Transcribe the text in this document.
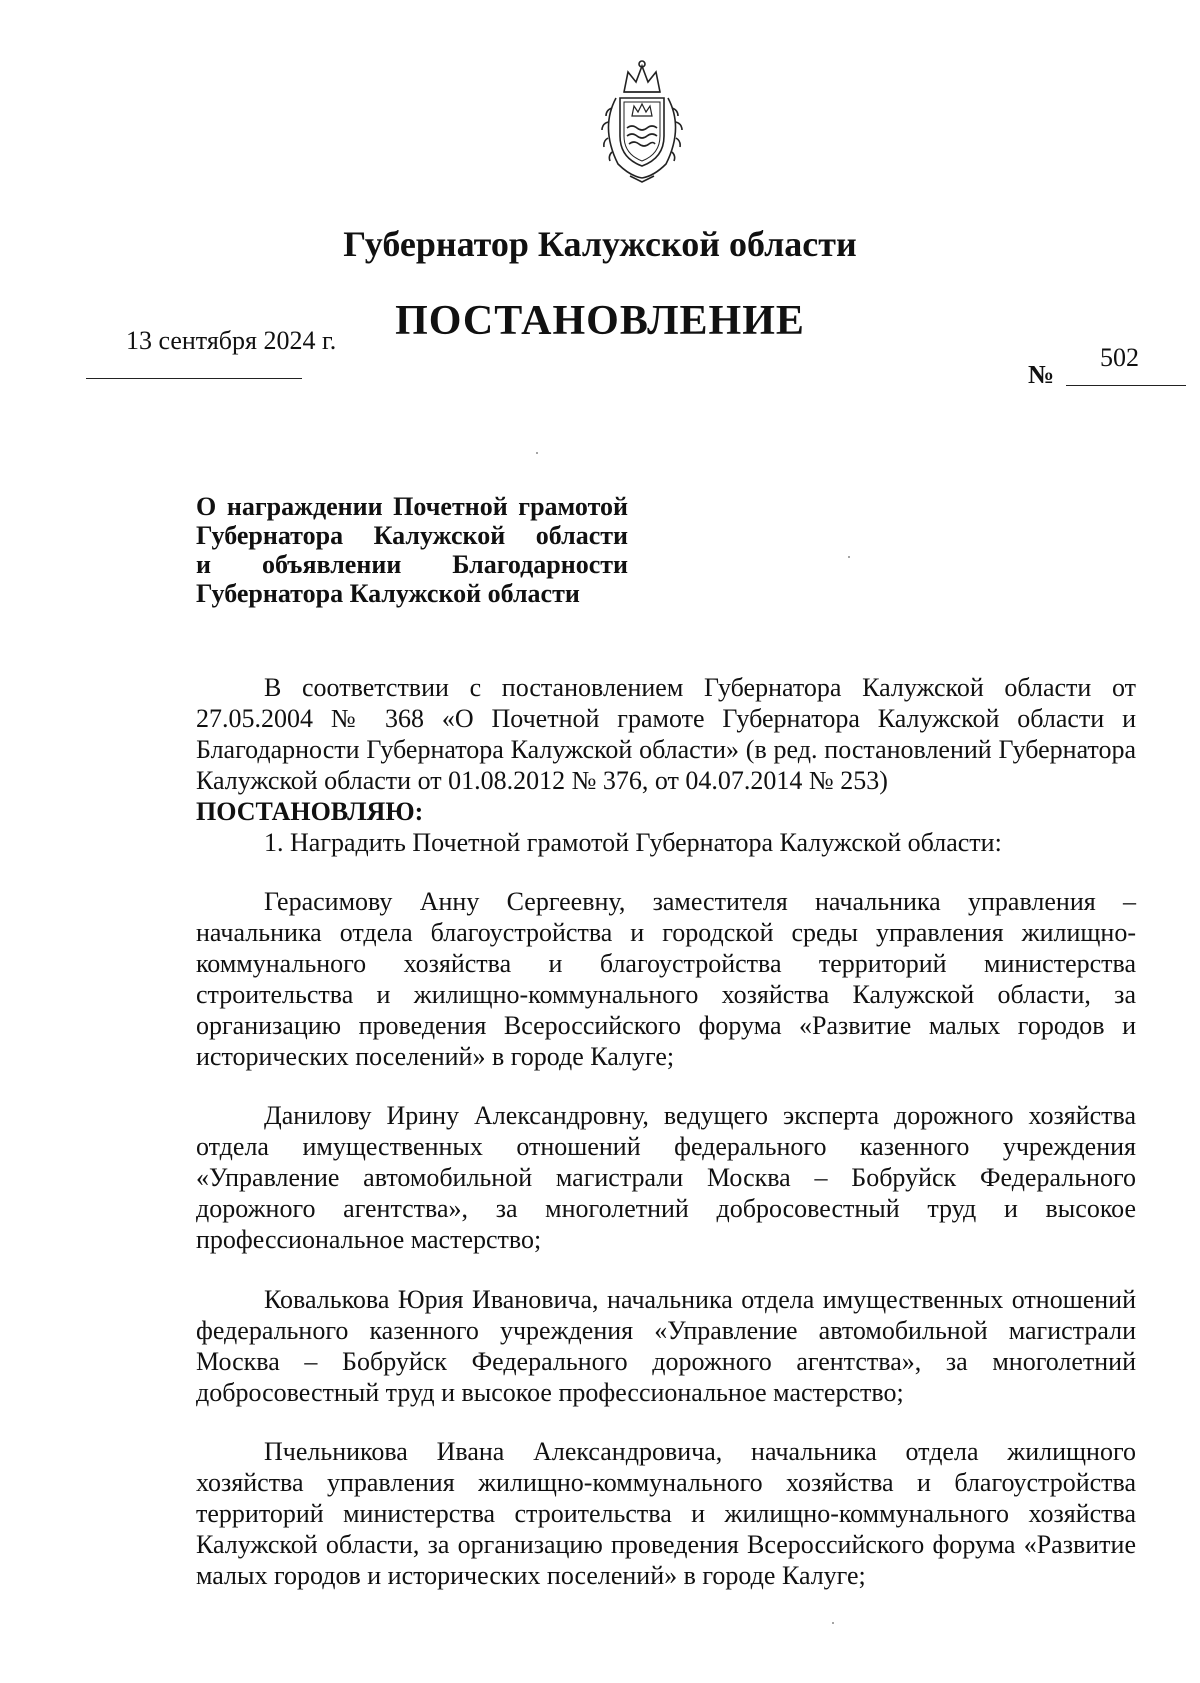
Губернатор Калужской области
ПОСТАНОВЛЕНИЕ
13 сентября 2024 г.
№
502
О награждении Почетной грамотой
Губернатора Калужской области
и объявлении Благодарности
Губернатора Калужской области

В соответствии с постановлением Губернатора Калужской области от 27.05.2004 № 368 «О Почетной грамоте Губернатора Калужской области и Благодарности Губернатора Калужской области» (в ред. постановлений Губернатора Калужской области от 01.08.2012 № 376, от 04.07.2014 № 253)

ПОСТАНОВЛЯЮ:

1. Наградить Почетной грамотой Губернатора Калужской области:

Герасимову Анну Сергеевну, заместителя начальника управления – начальника отдела благоустройства и городской среды управления жилищно-коммунального хозяйства и благоустройства территорий министерства строительства и жилищно-коммунального хозяйства Калужской области, за организацию проведения Всероссийского форума «Развитие малых городов и исторических поселений» в городе Калуге;

Данилову Ирину Александровну, ведущего эксперта дорожного хозяйства отдела имущественных отношений федерального казенного учреждения «Управление автомобильной магистрали Москва – Бобруйск Федерального дорожного агентства», за многолетний добросовестный труд и высокое профессиональное мастерство;

Ковалькова Юрия Ивановича, начальника отдела имущественных отношений федерального казенного учреждения «Управление автомобильной магистрали Москва – Бобруйск Федерального дорожного агентства», за многолетний добросовестный труд и высокое профессиональное мастерство;

Пчельникова Ивана Александровича, начальника отдела жилищного хозяйства управления жилищно-коммунального хозяйства и благоустройства территорий министерства строительства и жилищно-коммунального хозяйства Калужской области, за организацию проведения Всероссийского форума «Развитие малых городов и исторических поселений» в городе Калуге;
